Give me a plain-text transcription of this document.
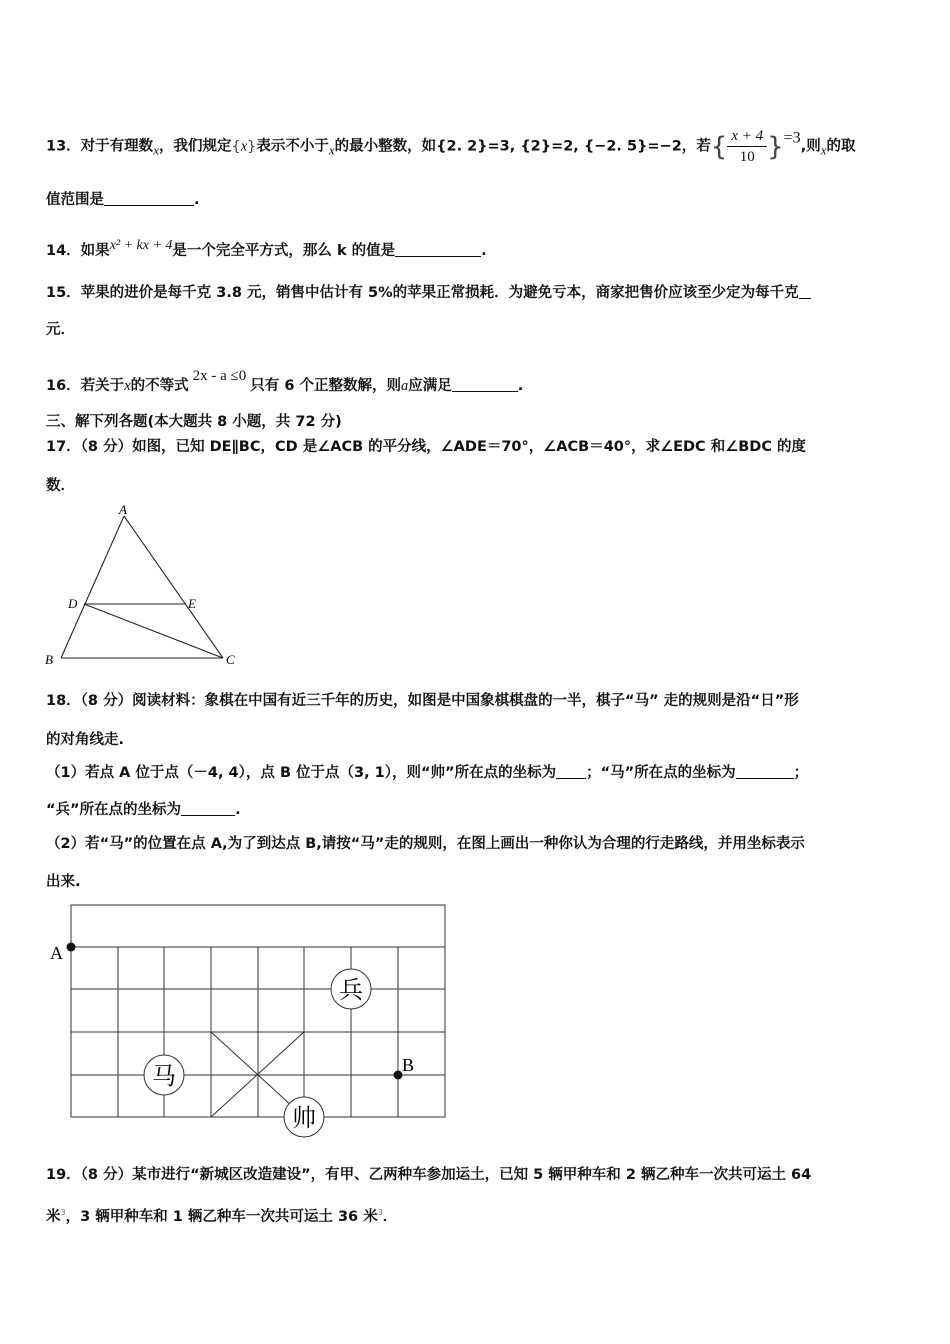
13．对于有理数x，我们规定{x}表示不小于x的最小整数，如{2. 2}=3, {2}=2, {−2. 5}=−2，若{ $\frac{x + 4}{10} \}=3$,则x的取
值范围是	.
14．如果x² + kx + 4是一个完全平方式，那么 k 的值是	.
15．苹果的进价是每千克 3.8 元，销售中估计有 5%的苹果正常损耗．为避免亏本，商家把售价应该至少定为每千克
元．
16．若关于x的不等式2x - a ≤0只有 6 个正整数解，则a应满足	.
三、解下列各题(本大题共 8 小题，共 72 分)
17．（8 分）如图，已知 DE∥BC，CD 是∠ACB 的平分线，∠ADE＝70°，∠ACB＝40°，求∠EDC 和∠BDC 的度
数．
A
B	C
D	E
18．（8 分）阅读材料：象棋在中国有近三千年的历史，如图是中国象棋棋盘的一半，棋子“马” 走的规则是沿“日”形
的对角线走.
（1）若点 A 位于点（－4, 4），点 B 位于点（3, 1），则“帅”所在点的坐标为 ；“马”所在点的坐标为	；
“兵”所在点的坐标为	.
（2）若“马”的位置在点 A,为了到达点 B,请按“马”走的规则，在图上画出一种你认为合理的行走路线，并用坐标表示
出来.
A
B
兵
马
帅
19．（8 分）某市进行“新城区改造建设”，有甲、乙两种车参加运土，已知 5 辆甲种车和 2 辆乙种车一次共可运土 64
米$^3$，3 辆甲种车和 1 辆乙种车一次共可运土 36 米$^3$．
